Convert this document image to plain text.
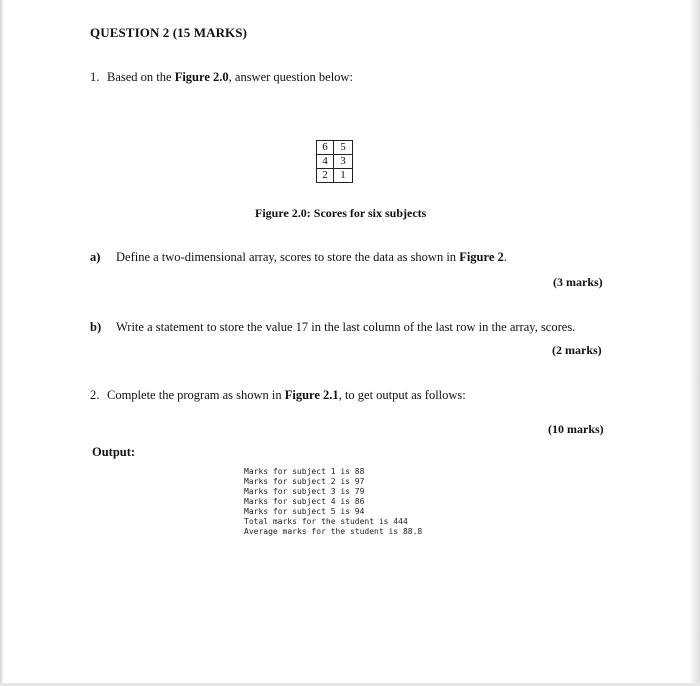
QUESTION 2 (15 MARKS)
1. Based on the Figure 2.0, answer question below:
6	5	
4	3	
2	1	
Figure 2.0: Scores for six subjects
a) Define a two-dimensional array, scores to store the data as shown in Figure 2.
(3 marks)
b) Write a statement to store the value 17 in the last column of the last row in the array, scores.
(2 marks)
2. Complete the program as shown in Figure 2.1, to get output as follows:
(10 marks)
Output:
Marks for subject 1 is 88
Marks for subject 2 is 97
Marks for subject 3 is 79
Marks for subject 4 is 86
Marks for subject 5 is 94
Total marks for the student is 444
Average marks for the student is 88.8
